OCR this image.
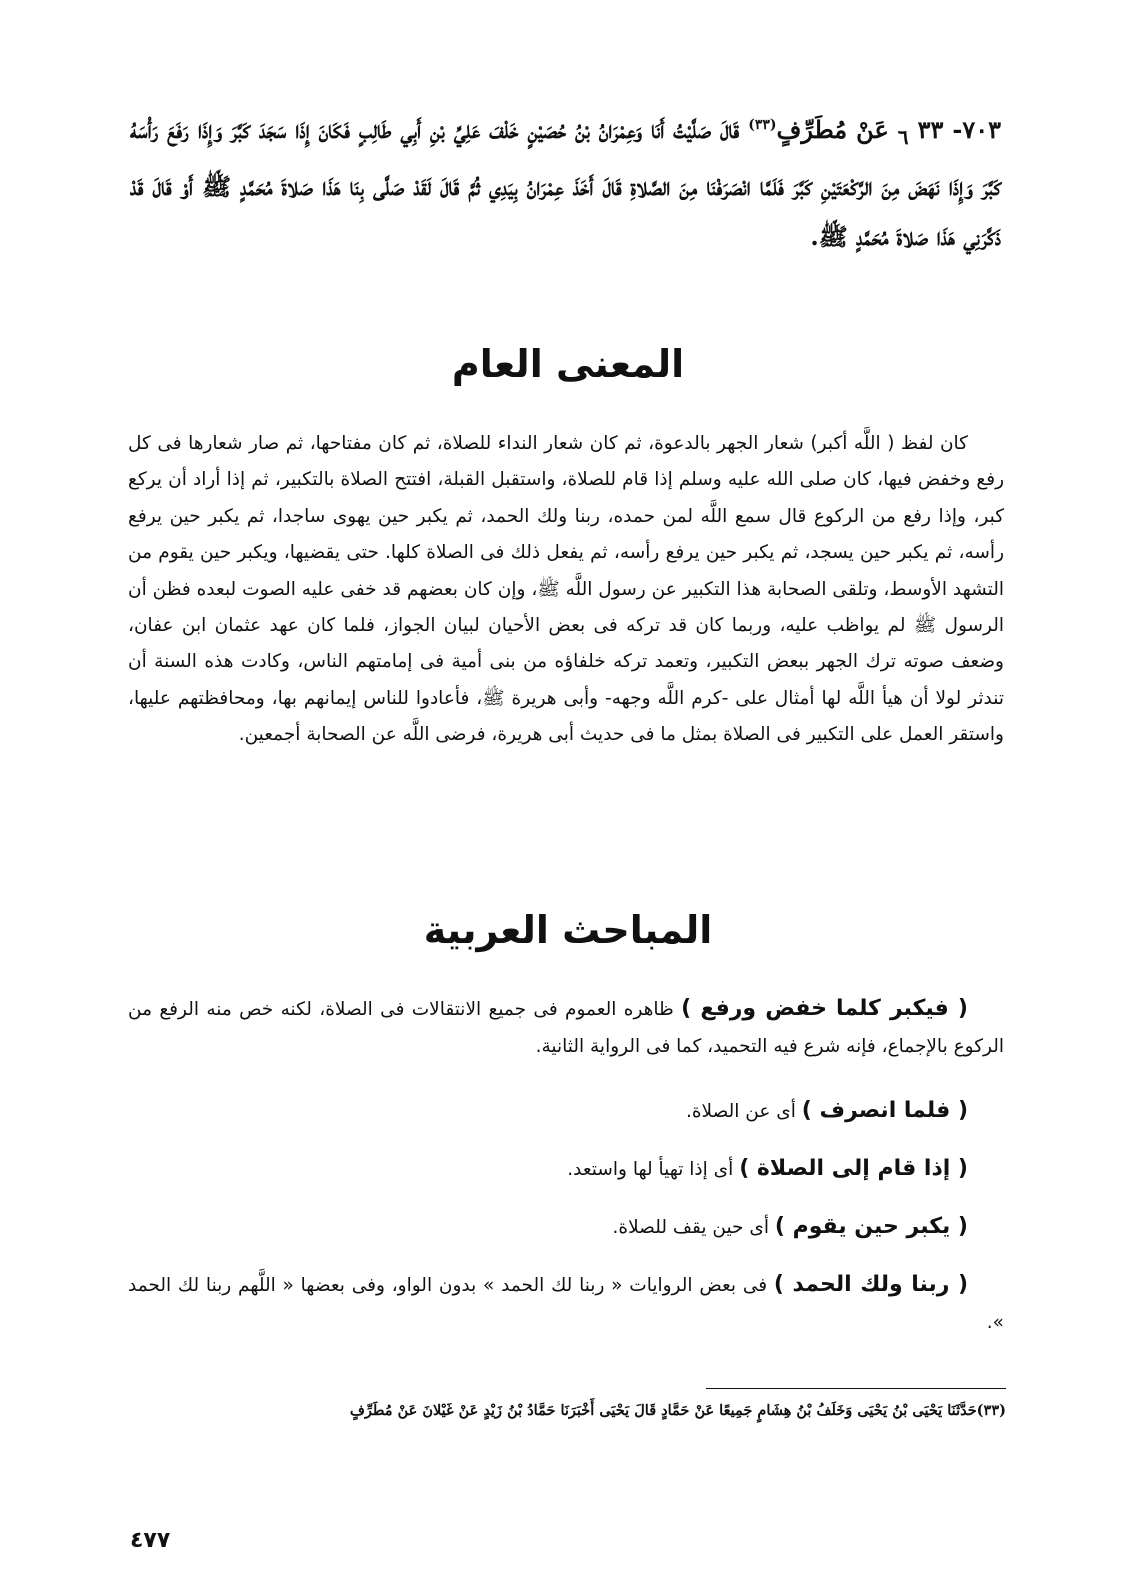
٧٠٣- ٣٣ $_٦$ عَنْ مُطَرِّفٍ$^{(٣٣)}$ قَالَ صَلَّيْتُ أَنَا وَعِمْرَانُ بْنُ حُصَيْنٍ خَلْفَ عَلِيِّ بْنِ أَبِي طَالِبٍ فَكَانَ إِذَا سَجَدَ كَبَّرَ وَإِذَا رَفَعَ رَأْسَهُ كَبَّرَ وَإِذَا نَهَضَ مِنَ الرَّكْعَتَيْنِ كَبَّرَ فَلَمَّا انْصَرَفْنَا مِنَ الصَّلاةِ قَالَ أَخَذَ عِمْرَانُ بِيَدِي ثُمَّ قَالَ لَقَدْ صَلَّى بِنَا هَذَا صَلاةَ مُحَمَّدٍ ﷺ أَوْ قَالَ قَدْ ذَكَّرَنِي هَذَا صَلاةَ مُحَمَّدٍ ﷺ.
المعنى العام
كان لفظ ( اللَّه أكبر) شعار الجهر بالدعوة، ثم كان شعار النداء للصلاة، ثم كان مفتاحها، ثم صار شعارها فى كل رفع وخفض فيها، كان صلى الله عليه وسلم إذا قام للصلاة، واستقبل القبلة، افتتح الصلاة بالتكبير، ثم إذا أراد أن يركع كبر، وإذا رفع من الركوع قال سمع اللَّه لمن حمده، ربنا ولك الحمد، ثم يكبر حين يهوى ساجدا، ثم يكبر حين يرفع رأسه، ثم يكبر حين يسجد، ثم يكبر حين يرفع رأسه، ثم يفعل ذلك فى الصلاة كلها. حتى يقضيها، ويكبر حين يقوم من التشهد الأوسط، وتلقى الصحابة هذا التكبير عن رسول اللَّه ﷺ، وإن كان بعضهم قد خفى عليه الصوت لبعده فظن أن الرسول ﷺ لم يواظب عليه، وربما كان قد تركه فى بعض الأحيان لبيان الجواز، فلما كان عهد عثمان ابن عفان، وضعف صوته ترك الجهر ببعض التكبير، وتعمد تركه خلفاؤه من بنى أمية فى إمامتهم الناس، وكادت هذه السنة أن تندثر لولا أن هيأ اللَّه لها أمثال على -كرم اللَّه وجهه- وأبى هريرة ﷺ، فأعادوا للناس إيمانهم بها، ومحافظتهم عليها، واستقر العمل على التكبير فى الصلاة بمثل ما فى حديث أبى هريرة، فرضى اللَّه عن الصحابة أجمعين.
المباحث العربية
( فيكبر كلما خفض ورفع ) ظاهره العموم فى جميع الانتقالات فى الصلاة، لكنه خص منه الرفع من الركوع بالإجماع، فإنه شرع فيه التحميد، كما فى الرواية الثانية.
( فلما انصرف ) أى عن الصلاة.
( إذا قام إلى الصلاة ) أى إذا تهيأ لها واستعد.
( يكبر حين يقوم ) أى حين يقف للصلاة.
( ربنا ولك الحمد ) فى بعض الروايات « ربنا لك الحمد » بدون الواو، وفى بعضها « اللَّهم ربنا لك الحمد ».
(٣٣)حَدَّثَنَا يَحْيَى بْنُ يَحْيَى وَخَلَفُ بْنُ هِشَامٍ جَمِيعًا عَنْ حَمَّادٍ قَالَ يَحْيَى أَخْبَرَنَا حَمَّادُ بْنُ زَيْدٍ عَنْ غَيْلانَ عَنْ مُطَرِّفٍ
٤٧٧
